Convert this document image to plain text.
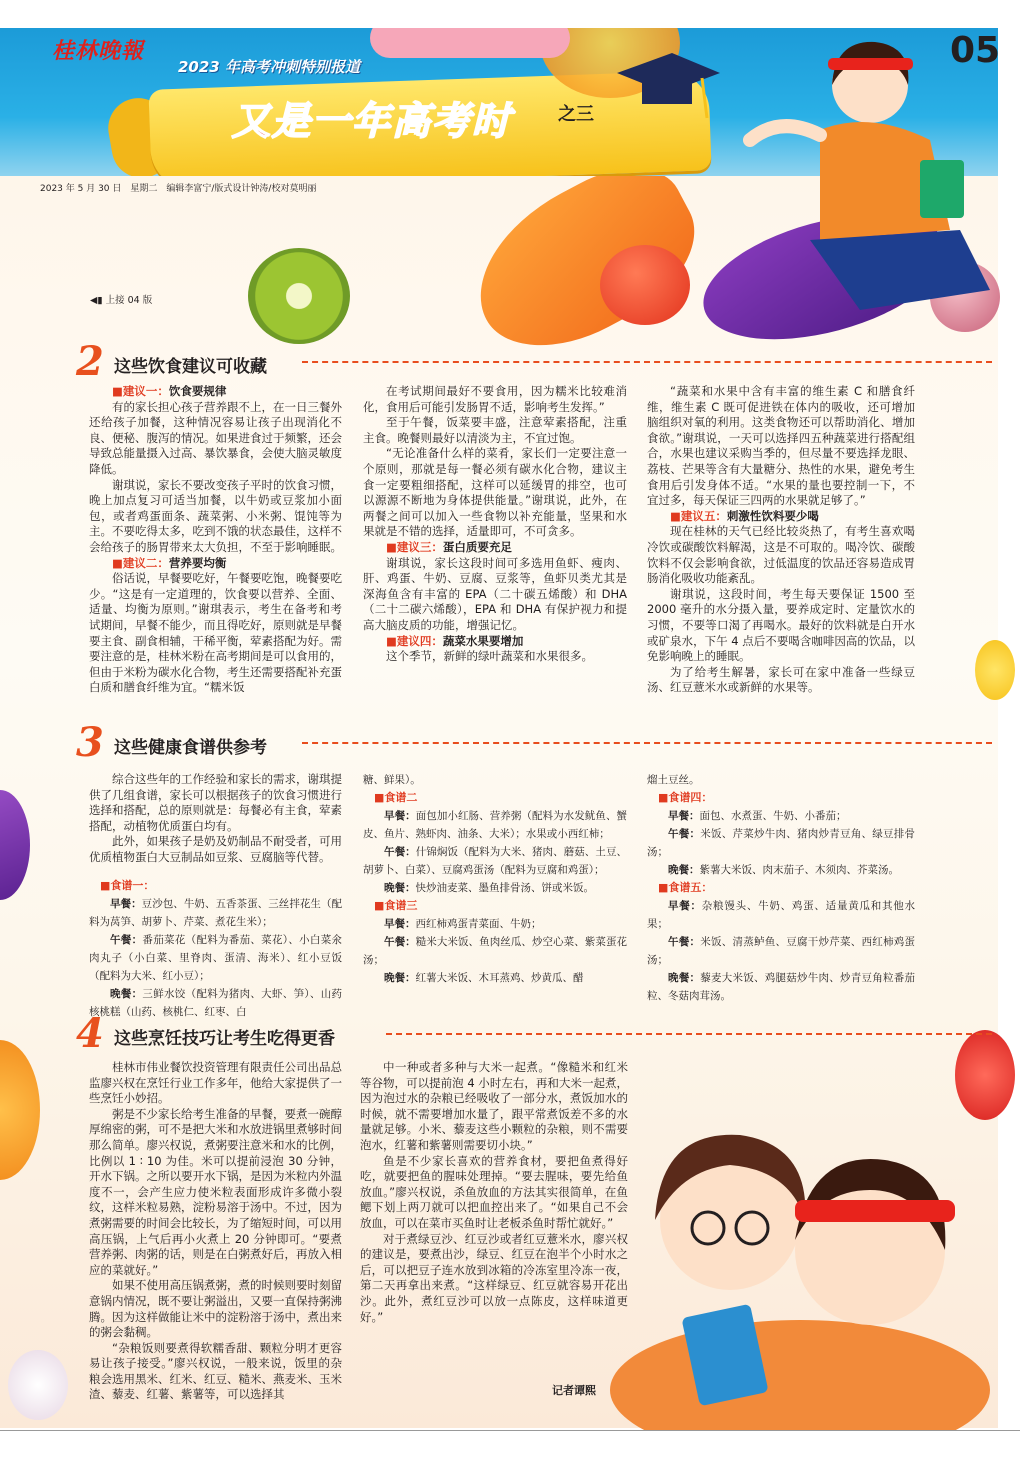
桂林晚報
2023 年高考冲刺特别报道
又是一年高考时	之三
05
2023 年 5 月 30 日　星期二　编辑李富宁/版式设计钟涛/校对莫明丽
◀▮ 上接 04 版
2 这些饮食建议可收藏
■建议一：饮食要规律

有的家长担心孩子营养跟不上，在一日三餐外还给孩子加餐，这种情况容易让孩子出现消化不良、便秘、腹泻的情况。如果进食过于频繁，还会导致总能量摄入过高、暴饮暴食，会使大脑灵敏度降低。

谢琪说，家长不要改变孩子平时的饮食习惯，晚上加点复习可适当加餐，以牛奶或豆浆加小面包，或者鸡蛋面条、蔬菜粥、小米粥、馄饨等为主。不要吃得太多，吃到不饿的状态最佳，这样不会给孩子的肠胃带来太大负担，不至于影响睡眠。

■建议二：营养要均衡

俗话说，早餐要吃好，午餐要吃饱，晚餐要吃少。“这是有一定道理的，饮食要以营养、全面、适量、均衡为原则。”谢琪表示，考生在备考和考试期间，早餐不能少，而且得吃好，原则就是早餐要主食、副食相辅，干稀平衡，荤素搭配为好。需要注意的是，桂林米粉在高考期间是可以食用的，但由于米粉为碳水化合物，考生还需要搭配补充蛋白质和膳食纤维为宜。“糯米饭

在考试期间最好不要食用，因为糯米比较难消化，食用后可能引发肠胃不适，影响考生发挥。”

至于午餐，饭菜要丰盛，注意荤素搭配，注重主食。晚餐则最好以清淡为主，不宜过饱。

“无论准备什么样的菜肴，家长们一定要注意一个原则，那就是每一餐必须有碳水化合物，建议主食一定要粗细搭配，这样可以延缓胃的排空，也可以源源不断地为身体提供能量。”谢琪说，此外，在两餐之间可以加入一些食物以补充能量，坚果和水果就是不错的选择，适量即可，不可贪多。

■建议三：蛋白质要充足

谢琪说，家长这段时间可多选用鱼虾、瘦肉、肝、鸡蛋、牛奶、豆腐、豆浆等，鱼虾贝类尤其是深海鱼含有丰富的 EPA（二十碳五烯酸）和 DHA（二十二碳六烯酸），EPA 和 DHA 有保护视力和提高大脑皮质的功能，增强记忆。

■建议四：蔬菜水果要增加

这个季节，新鲜的绿叶蔬菜和水果很多。

“蔬菜和水果中含有丰富的维生素 C 和膳食纤维，维生素 C 既可促进铁在体内的吸收，还可增加脑组织对氧的利用。这类食物还可以帮助消化、增加食欲。”谢琪说，一天可以选择四五种蔬菜进行搭配组合，水果也建议采购当季的，但尽量不要选择龙眼、荔枝、芒果等含有大量糖分、热性的水果，避免考生食用后引发身体不适。“水果的量也要控制一下，不宜过多，每天保证三四两的水果就足够了。”

■建议五：刺激性饮料要少喝

现在桂林的天气已经比较炎热了，有考生喜欢喝冷饮或碳酸饮料解渴，这是不可取的。喝冷饮、碳酸饮料不仅会影响食欲，过低温度的饮品还容易造成胃肠消化吸收功能紊乱。

谢琪说，这段时间，考生每天要保证 1500 至 2000 毫升的水分摄入量，要养成定时、定量饮水的习惯，不要等口渴了再喝水。最好的饮料就是白开水或矿泉水，下午 4 点后不要喝含咖啡因高的饮品，以免影响晚上的睡眠。

为了给考生解暑，家长可在家中准备一些绿豆汤、红豆薏米水或新鲜的水果等。

3 这些健康食谱供参考

综合这些年的工作经验和家长的需求，谢琪提供了几组食谱，家长可以根据孩子的饮食习惯进行选择和搭配，总的原则就是：每餐必有主食，荤素搭配，动植物优质蛋白均有。

此外，如果孩子是奶及奶制品不耐受者，可用优质植物蛋白大豆制品如豆浆、豆腐脑等代替。

■食谱一：

早餐：豆沙包、牛奶、五香茶蛋、三丝拌花生（配料为莴笋、胡萝卜、芹菜、煮花生米）；

午餐：番茄菜花（配料为番茄、菜花）、小白菜氽肉丸子（小白菜、里脊肉、蛋清、海米）、红小豆饭（配料为大米、红小豆）；

晚餐：三鲜水饺（配料为猪肉、大虾、笋）、山药核桃糕（山药、核桃仁、红枣、白

糖、鲜果）。
■食谱二

早餐：面包加小红肠、营养粥（配料为水发鱿鱼、蟹皮、鱼片、熟虾肉、油条、大米）；水果或小西红柿；

午餐：什锦焖饭（配料为大米、猪肉、蘑菇、土豆、胡萝卜、白菜）、豆腐鸡蛋汤（配料为豆腐和鸡蛋）；

晚餐：快炒油麦菜、墨鱼排骨汤、饼或米饭。

■食谱三

早餐：西红柿鸡蛋青菜面、牛奶；

午餐：糙米大米饭、鱼肉丝瓜、炒空心菜、紫菜蛋花汤；

晚餐：红薯大米饭、木耳蒸鸡、炒黄瓜、醋

熘土豆丝。
■食谱四：

早餐：面包、水煮蛋、牛奶、小番茄；

午餐：米饭、芹菜炒牛肉、猪肉炒青豆角、绿豆排骨汤；

晚餐：紫薯大米饭、肉末茄子、木须肉、芥菜汤。

■食谱五：

早餐：杂粮馒头、牛奶、鸡蛋、适量黄瓜和其他水果；

午餐：米饭、清蒸鲈鱼、豆腐干炒芹菜、西红柿鸡蛋汤；

晚餐：藜麦大米饭、鸡腿菇炒牛肉、炒青豆角粒番茄粒、冬菇肉茸汤。

4 这些烹饪技巧让考生吃得更香

桂林市伟业餐饮投资管理有限责任公司出品总监廖兴权在烹饪行业工作多年，他给大家提供了一些烹饪小妙招。

粥是不少家长给考生准备的早餐，要煮一碗醇厚绵密的粥，可不是把大米和水放进锅里煮够时间那么简单。廖兴权说，煮粥要注意米和水的比例，比例以 1 ∶ 10 为佳。米可以提前浸泡 30 分钟，开水下锅。之所以要开水下锅，是因为米粒内外温度不一，会产生应力使米粒表面形成许多微小裂纹，这样米粒易熟，淀粉易溶于汤中。不过，因为煮粥需要的时间会比较长，为了缩短时间，可以用高压锅，上气后再小火煮上 20 分钟即可。“要煮营养粥、肉粥的话，则是在白粥煮好后，再放入相应的菜就好。”

如果不使用高压锅煮粥，煮的时候则要时刻留意锅内情况，既不要让粥溢出，又要一直保持粥沸腾。因为这样做能让米中的淀粉溶于汤中，煮出来的粥会黏稠。

“杂粮饭则要煮得软糯香甜、颗粒分明才更容易让孩子接受。”廖兴权说，一般来说，饭里的杂粮会选用黑米、红米、红豆、糙米、燕麦米、玉米渣、藜麦、红薯、紫薯等，可以选择其

中一种或者多种与大米一起煮。“像糙米和红米等谷物，可以提前泡 4 小时左右，再和大米一起煮，因为泡过水的杂粮已经吸收了一部分水，煮饭加水的时候，就不需要增加水量了，跟平常煮饭差不多的水量就足够。小米、藜麦这些小颗粒的杂粮，则不需要泡水，红薯和紫薯则需要切小块。”

鱼是不少家长喜欢的营养食材，要把鱼煮得好吃，就要把鱼的腥味处理掉。“要去腥味，要先给鱼放血。”廖兴权说，杀鱼放血的方法其实很简单，在鱼鳃下划上两刀就可以把血控出来了。“如果自己不会放血，可以在菜市买鱼时让老板杀鱼时帮忙就好。”

对于煮绿豆沙、红豆沙或者红豆薏米水，廖兴权的建议是，要煮出沙，绿豆、红豆在泡半个小时水之后，可以把豆子连水放到冰箱的冷冻室里冷冻一夜，第二天再拿出来煮。“这样绿豆、红豆就容易开花出沙。此外，煮红豆沙可以放一点陈皮，这样味道更好。”

记者谭熙
